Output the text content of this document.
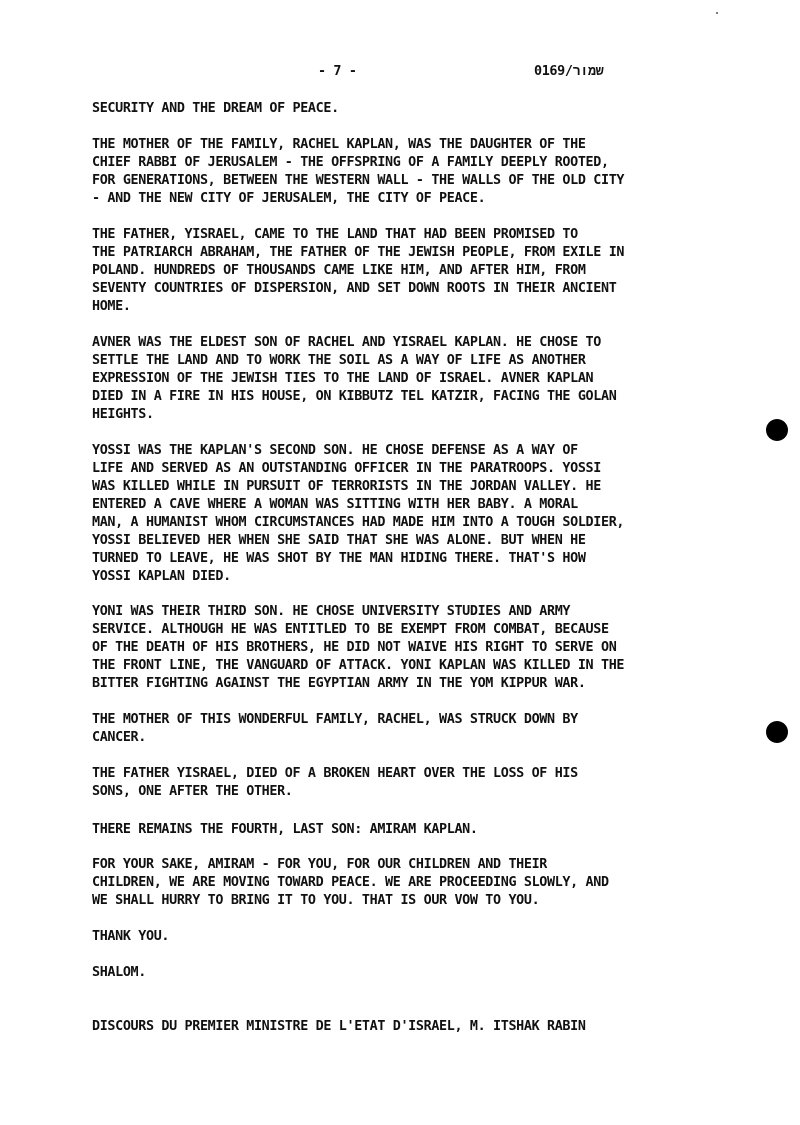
- 7 -	שמור/0169

SECURITY AND THE DREAM OF PEACE.

THE MOTHER OF THE FAMILY, RACHEL KAPLAN, WAS THE DAUGHTER OF THE
CHIEF RABBI OF JERUSALEM - THE OFFSPRING OF A FAMILY DEEPLY ROOTED,
FOR GENERATIONS, BETWEEN THE WESTERN WALL - THE WALLS OF THE OLD CITY
- AND THE NEW CITY OF JERUSALEM, THE CITY OF PEACE.

THE FATHER, YISRAEL, CAME TO THE LAND THAT HAD BEEN PROMISED TO
THE PATRIARCH ABRAHAM, THE FATHER OF THE JEWISH PEOPLE, FROM EXILE IN
POLAND. HUNDREDS OF THOUSANDS CAME LIKE HIM, AND AFTER HIM, FROM
SEVENTY COUNTRIES OF DISPERSION, AND SET DOWN ROOTS IN THEIR ANCIENT
HOME.

AVNER WAS THE ELDEST SON OF RACHEL AND YISRAEL KAPLAN. HE CHOSE TO
SETTLE THE LAND AND TO WORK THE SOIL AS A WAY OF LIFE AS ANOTHER
EXPRESSION OF THE JEWISH TIES TO THE LAND OF ISRAEL. AVNER KAPLAN
DIED IN A FIRE IN HIS HOUSE, ON KIBBUTZ TEL KATZIR, FACING THE GOLAN
HEIGHTS.

YOSSI WAS THE KAPLAN'S SECOND SON. HE CHOSE DEFENSE AS A WAY OF
LIFE AND SERVED AS AN OUTSTANDING OFFICER IN THE PARATROOPS. YOSSI
WAS KILLED WHILE IN PURSUIT OF TERRORISTS IN THE JORDAN VALLEY. HE
ENTERED A CAVE WHERE A WOMAN WAS SITTING WITH HER BABY. A MORAL
MAN, A HUMANIST WHOM CIRCUMSTANCES HAD MADE HIM INTO A TOUGH SOLDIER,
YOSSI BELIEVED HER WHEN SHE SAID THAT SHE WAS ALONE. BUT WHEN HE
TURNED TO LEAVE, HE WAS SHOT BY THE MAN HIDING THERE. THAT'S HOW
YOSSI KAPLAN DIED.

YONI WAS THEIR THIRD SON. HE CHOSE UNIVERSITY STUDIES AND ARMY
SERVICE. ALTHOUGH HE WAS ENTITLED TO BE EXEMPT FROM COMBAT, BECAUSE
OF THE DEATH OF HIS BROTHERS, HE DID NOT WAIVE HIS RIGHT TO SERVE ON
THE FRONT LINE, THE VANGUARD OF ATTACK. YONI KAPLAN WAS KILLED IN THE
BITTER FIGHTING AGAINST THE EGYPTIAN ARMY IN THE YOM KIPPUR WAR.

THE MOTHER OF THIS WONDERFUL FAMILY, RACHEL, WAS STRUCK DOWN BY
CANCER.

THE FATHER YISRAEL, DIED OF A BROKEN HEART OVER THE LOSS OF HIS
SONS, ONE AFTER THE OTHER.

THERE REMAINS THE FOURTH, LAST SON: AMIRAM KAPLAN.

FOR YOUR SAKE, AMIRAM - FOR YOU, FOR OUR CHILDREN AND THEIR
CHILDREN, WE ARE MOVING TOWARD PEACE. WE ARE PROCEEDING SLOWLY, AND
WE SHALL HURRY TO BRING IT TO YOU. THAT IS OUR VOW TO YOU.

THANK YOU.

SHALOM.

DISCOURS DU PREMIER MINISTRE DE L'ETAT D'ISRAEL, M. ITSHAK RABIN
